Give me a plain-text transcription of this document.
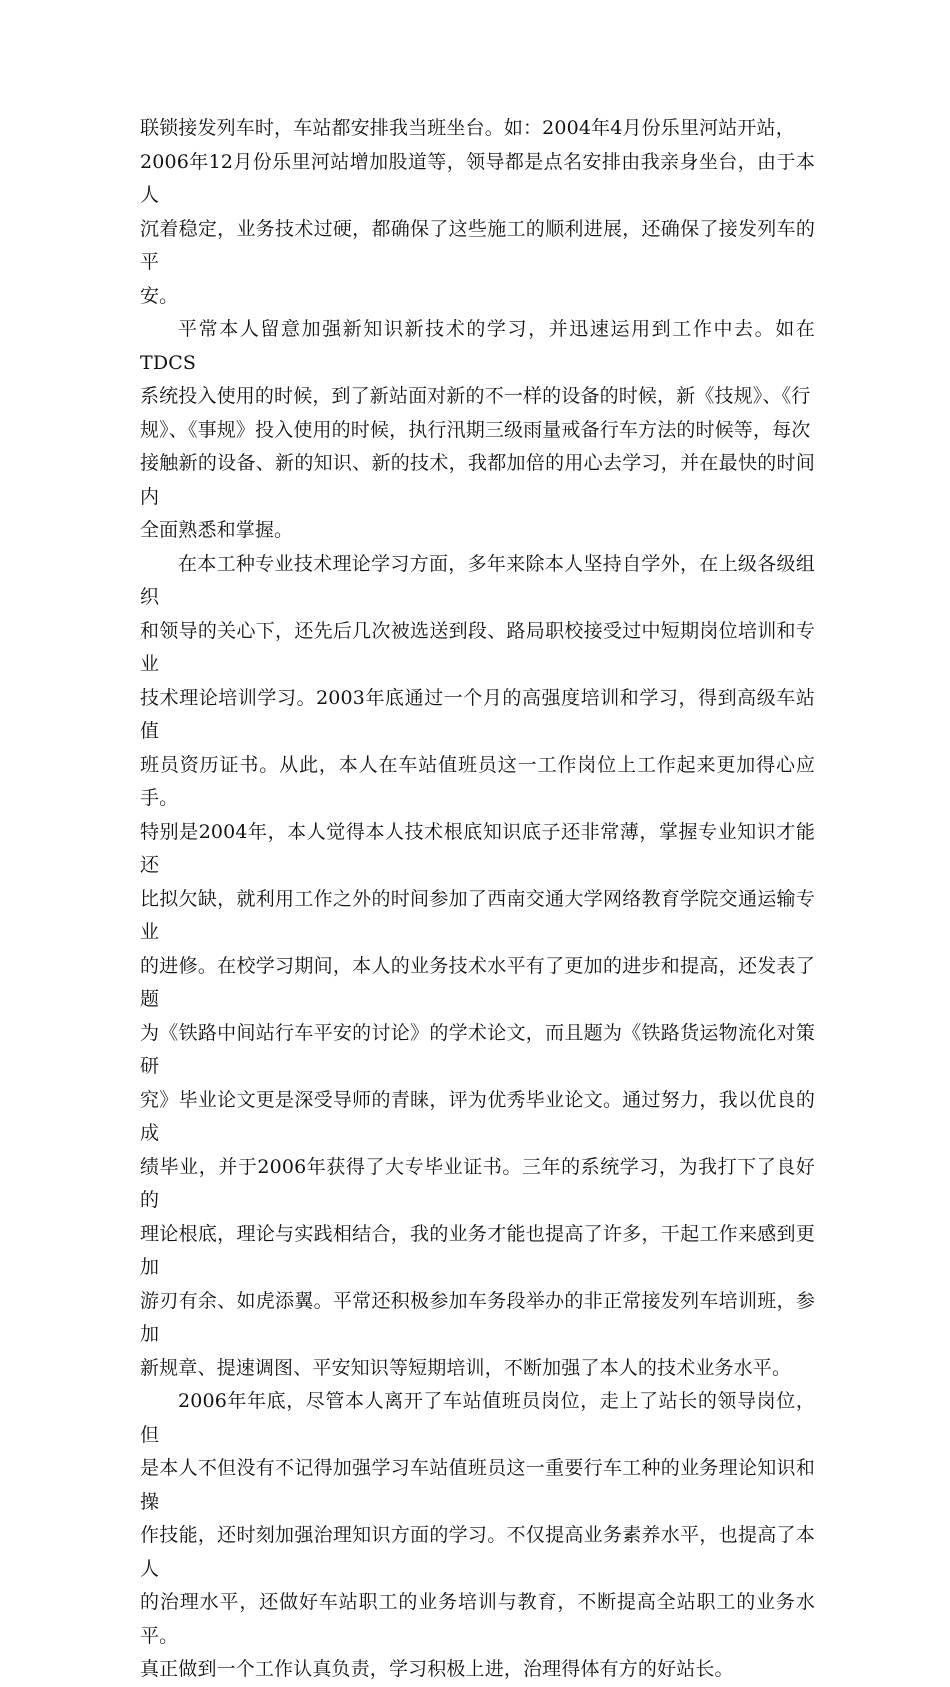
联锁接发列车时，车站都安排我当班坐台。如：2004年4月份乐里河站开站，
2006年12月份乐里河站增加股道等，领导都是点名安排由我亲身坐台，由于本人
沉着稳定，业务技术过硬，都确保了这些施工的顺利进展，还确保了接发列车的平
安。

平常本人留意加强新知识新技术的学习，并迅速运用到工作中去。如在TDCS
系统投入使用的时候，到了新站面对新的不一样的设备的时候，新《技规》、《行
规》、《事规》投入使用的时候，执行汛期三级雨量戒备行车方法的时候等，每次
接触新的设备、新的知识、新的技术，我都加倍的用心去学习，并在最快的时间内
全面熟悉和掌握。

在本工种专业技术理论学习方面，多年来除本人坚持自学外，在上级各级组织
和领导的关心下，还先后几次被选送到段、路局职校接受过中短期岗位培训和专业
技术理论培训学习。2003年底通过一个月的高强度培训和学习，得到高级车站值
班员资历证书。从此，本人在车站值班员这一工作岗位上工作起来更加得心应手。
特别是2004年，本人觉得本人技术根底知识底子还非常薄，掌握专业知识才能还
比拟欠缺，就利用工作之外的时间参加了西南交通大学网络教育学院交通运输专业
的进修。在校学习期间，本人的业务技术水平有了更加的进步和提高，还发表了题
为《铁路中间站行车平安的讨论》的学术论文，而且题为《铁路货运物流化对策研
究》毕业论文更是深受导师的青睐，评为优秀毕业论文。通过努力，我以优良的成
绩毕业，并于2006年获得了大专毕业证书。三年的系统学习，为我打下了良好的
理论根底，理论与实践相结合，我的业务才能也提高了许多，干起工作来感到更加
游刃有余、如虎添翼。平常还积极参加车务段举办的非正常接发列车培训班，参加
新规章、提速调图、平安知识等短期培训，不断加强了本人的技术业务水平。

2006年年底，尽管本人离开了车站值班员岗位，走上了站长的领导岗位，但
是本人不但没有不记得加强学习车站值班员这一重要行车工种的业务理论知识和操
作技能，还时刻加强治理知识方面的学习。不仅提高业务素养水平，也提高了本人
的治理水平，还做好车站职工的业务培训与教育，不断提高全站职工的业务水平。
真正做到一个工作认真负责，学习积极上进，治理得体有方的好站长。
